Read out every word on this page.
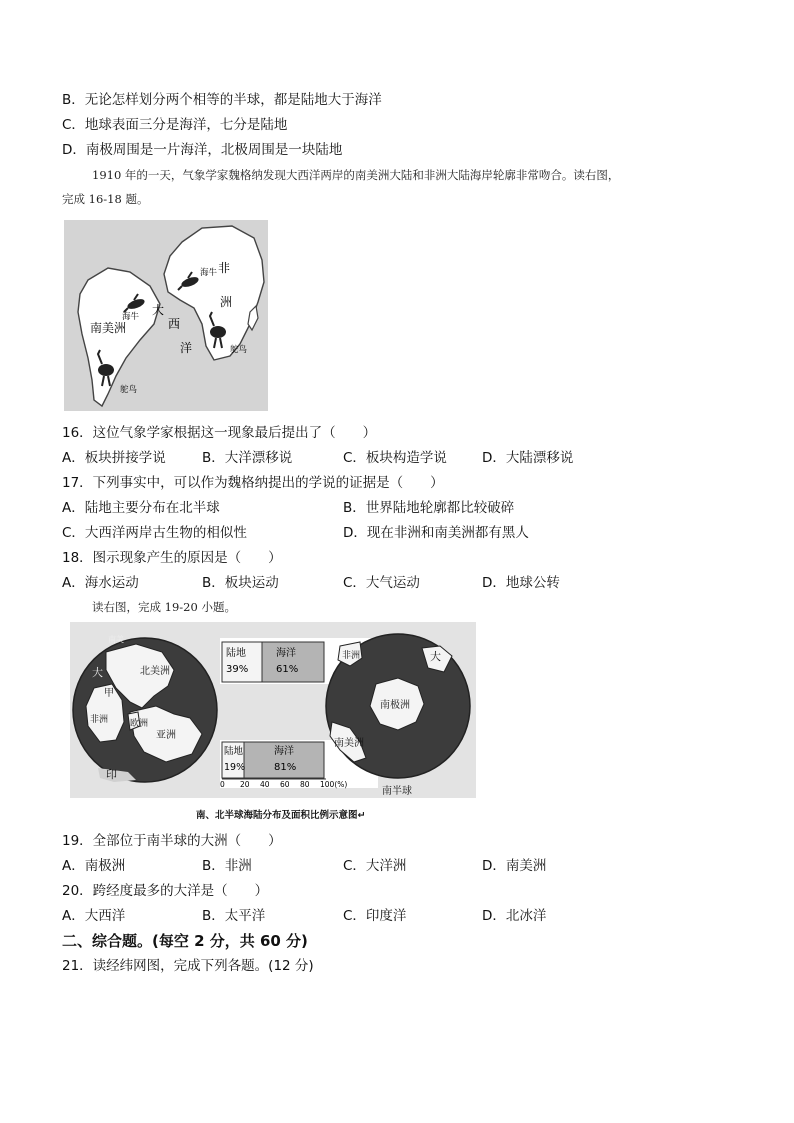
B．无论怎样划分两个相等的半球，都是陆地大于海洋
C．地球表面三分是海洋，七分是陆地
D．南极周围是一片海洋，北极周围是一块陆地
1910 年的一天，气象学家魏格纳发现大西洋两岸的南美洲大陆和非洲大陆海岸轮廓非常吻合。读右图，
完成 16-18 题。
海牛
海牛
鸵鸟
鸵鸟
南美洲
大
西
洋
非
洲
16．这位气象学家根据这一现象最后提出了（　　）
A．板块拼接学说	B．大洋漂移说	C．板块构造学说	D．大陆漂移说
17．下列事实中，可以作为魏格纳提出的学说的证据是（　　）
A．陆地主要分布在北半球	B．世界陆地轮廓都比较破碎
C．大西洋两岸古生物的相似性	D．现在非洲和南美洲都有黑人
18．图示现象产生的原因是（　　）
A．海水运动	B．板块运动	C．大气运动	D．地球公转
读右图，完成 19-20 小题。
北美洲
欧洲
亚洲
非洲
甲
大
印
南美
陆地
39%
海洋
61%
陆地
19%
海洋
81%
0 20 40 60 80 100(%)
南极洲
南美洲
非洲	大
南半球
南、北半球海陆分布及面积比例示意图↵
19．全部位于南半球的大洲（　　）
A．南极洲	B．非洲	C．大洋洲	D．南美洲
20．跨经度最多的大洋是（　　）
A．大西洋	B．太平洋	C．印度洋	D．北冰洋
二、综合题。(每空 2 分，共 60 分)
21．读经纬网图，完成下列各题。(12 分)
